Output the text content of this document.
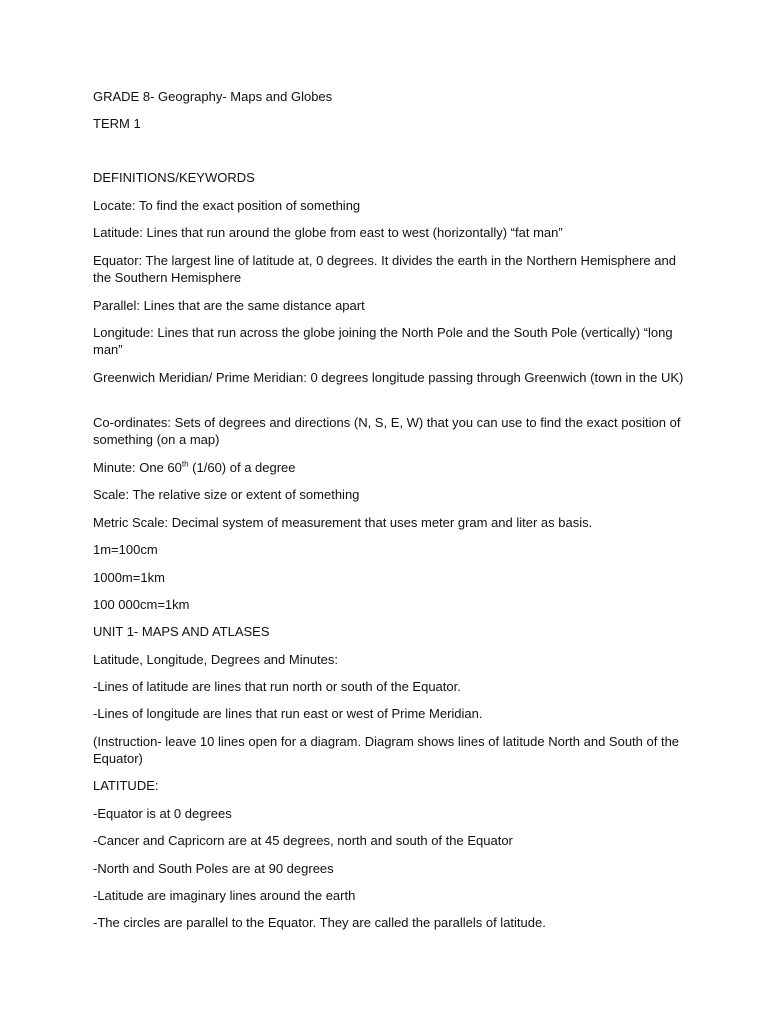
GRADE 8- Geography- Maps and Globes
TERM 1
DEFINITIONS/KEYWORDS
Locate: To find the exact position of something
Latitude: Lines that run around the globe from east to west (horizontally) “fat man”
Equator: The largest line of latitude at, 0 degrees. It divides the earth in the Northern Hemisphere and the Southern Hemisphere
Parallel: Lines that are the same distance apart
Longitude: Lines that run across the globe joining the North Pole and the South Pole (vertically) “long man”
Greenwich Meridian/ Prime Meridian: 0 degrees longitude passing through Greenwich (town in the UK)
Co-ordinates: Sets of degrees and directions (N, S, E, W) that you can use to find the exact position of something (on a map)
Minute: One 60th (1/60) of a degree
Scale: The relative size or extent of something
Metric Scale: Decimal system of measurement that uses meter gram and liter as basis.
1m=100cm
1000m=1km
100 000cm=1km
UNIT 1- MAPS AND ATLASES
Latitude, Longitude, Degrees and Minutes:
-Lines of latitude are lines that run north or south of the Equator.
-Lines of longitude are lines that run east or west of Prime Meridian.
(Instruction- leave 10 lines open for a diagram. Diagram shows lines of latitude North and South of the Equator)
LATITUDE:
-Equator is at 0 degrees
-Cancer and Capricorn are at 45 degrees, north and south of the Equator
-North and South Poles are at 90 degrees
-Latitude are imaginary lines around the earth
-The circles are parallel to the Equator. They are called the parallels of latitude.
